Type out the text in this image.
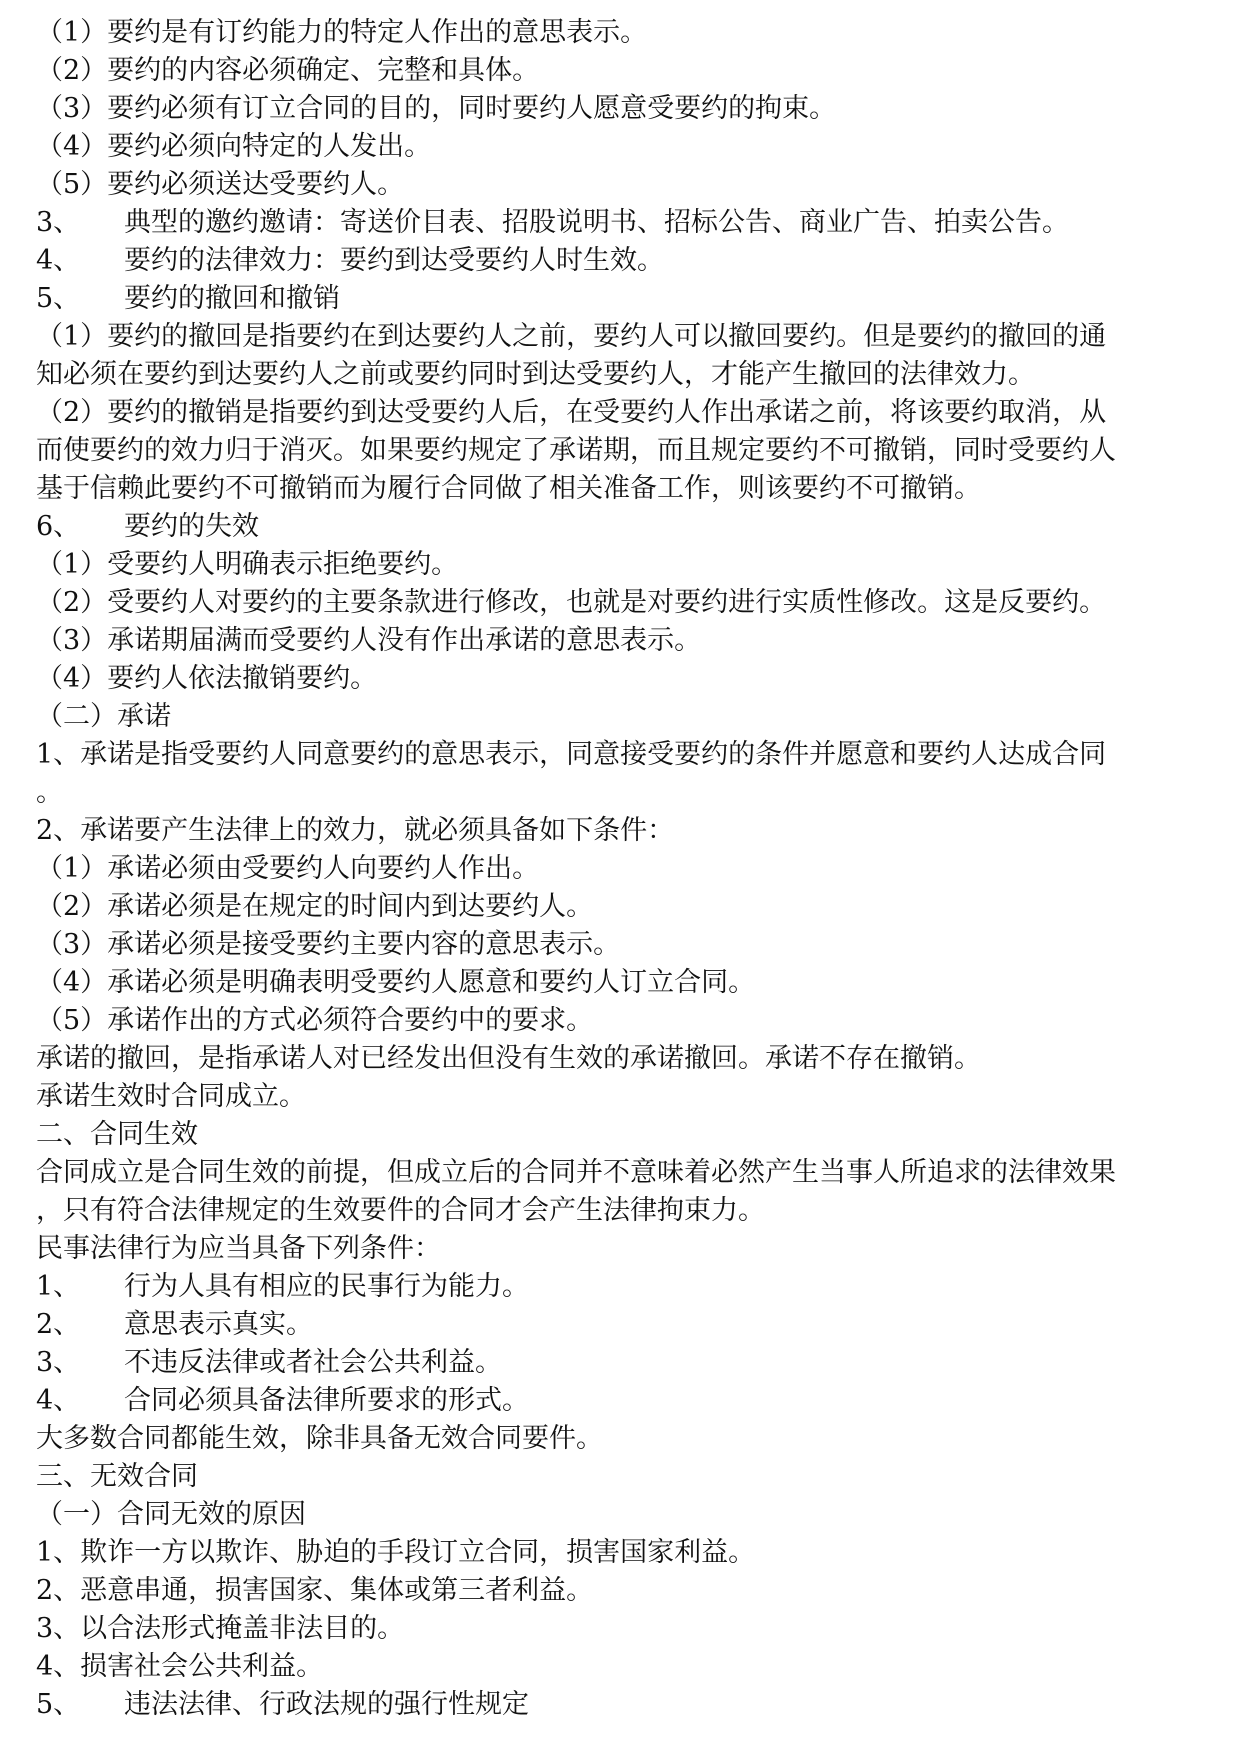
（1）要约是有订约能力的特定人作出的意思表示。
（2）要约的内容必须确定、完整和具体。
（3）要约必须有订立合同的目的，同时要约人愿意受要约的拘束。
（4）要约必须向特定的人发出。
（5）要约必须送达受要约人。
3、 典型的邀约邀请：寄送价目表、招股说明书、招标公告、商业广告、拍卖公告。
4、 要约的法律效力：要约到达受要约人时生效。
5、 要约的撤回和撤销
（1）要约的撤回是指要约在到达要约人之前，要约人可以撤回要约。但是要约的撤回的通
知必须在要约到达要约人之前或要约同时到达受要约人，才能产生撤回的法律效力。
（2）要约的撤销是指要约到达受要约人后，在受要约人作出承诺之前，将该要约取消，从
而使要约的效力归于消灭。如果要约规定了承诺期，而且规定要约不可撤销，同时受要约人
基于信赖此要约不可撤销而为履行合同做了相关准备工作，则该要约不可撤销。
6、 要约的失效
（1）受要约人明确表示拒绝要约。
（2）受要约人对要约的主要条款进行修改，也就是对要约进行实质性修改。这是反要约。
（3）承诺期届满而受要约人没有作出承诺的意思表示。
（4）要约人依法撤销要约。
（二）承诺
1、承诺是指受要约人同意要约的意思表示，同意接受要约的条件并愿意和要约人达成合同
。
2、承诺要产生法律上的效力，就必须具备如下条件：
（1）承诺必须由受要约人向要约人作出。
（2）承诺必须是在规定的时间内到达要约人。
（3）承诺必须是接受要约主要内容的意思表示。
（4）承诺必须是明确表明受要约人愿意和要约人订立合同。
（5）承诺作出的方式必须符合要约中的要求。
承诺的撤回，是指承诺人对已经发出但没有生效的承诺撤回。承诺不存在撤销。
承诺生效时合同成立。
二、合同生效
合同成立是合同生效的前提，但成立后的合同并不意味着必然产生当事人所追求的法律效果
，只有符合法律规定的生效要件的合同才会产生法律拘束力。
民事法律行为应当具备下列条件：
1、 行为人具有相应的民事行为能力。
2、 意思表示真实。
3、 不违反法律或者社会公共利益。
4、 合同必须具备法律所要求的形式。
大多数合同都能生效，除非具备无效合同要件。
三、无效合同
（一）合同无效的原因
1、欺诈一方以欺诈、胁迫的手段订立合同，损害国家利益。
2、恶意串通，损害国家、集体或第三者利益。
3、以合法形式掩盖非法目的。
4、损害社会公共利益。
5、 违法法律、行政法规的强行性规定
